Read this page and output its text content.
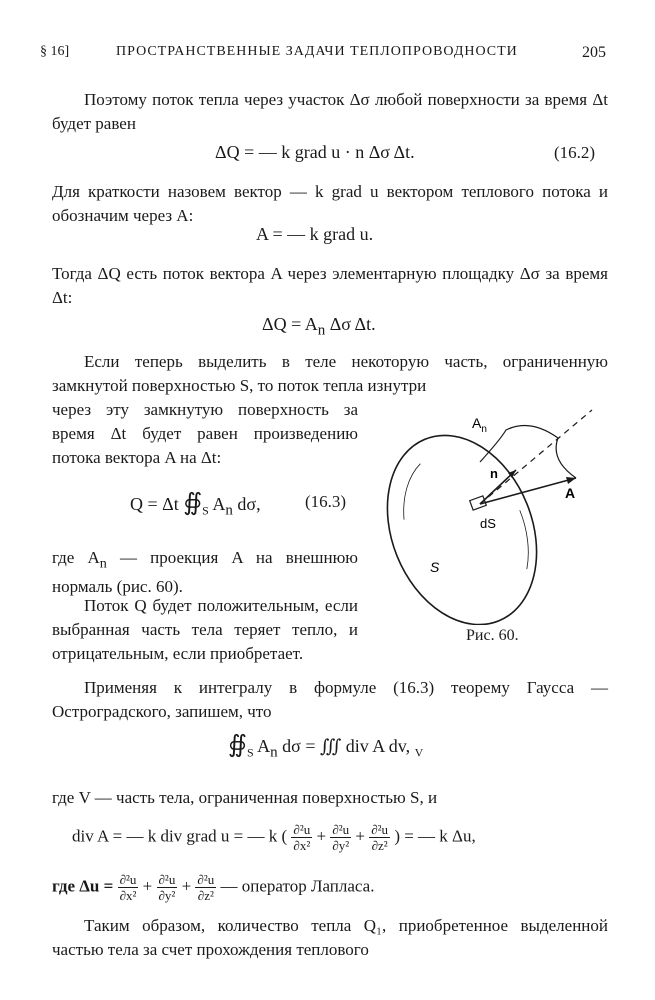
§ 16]	ПРОСТРАНСТВЕННЫЕ ЗАДАЧИ ТЕПЛОПРОВОДНОСТИ	205
Поэтому поток тепла через участок Δσ любой поверхности за время Δt будет равен
ΔQ = — k grad u · n Δσ Δt.	(16.2)
Для краткости назовем вектор — k grad u вектором теплового потока и обозначим через A:
A = — k grad u.
Тогда ΔQ есть поток вектора A через элементарную площадку Δσ за время Δt:
$\Delta Q = A_n$ Δσ Δt.
Если теперь выделить в теле некоторую часть, ограниченную замкнутой поверхностью S, то поток тепла изнутри
через эту замкнутую поверхность за время Δt будет равен произведению потока вектора A на Δt:
Q = Δt $∯_S$ $A_n$ dσ,	(16.3)
где $A_n$ — проекция A на внешнюю нормаль (рис. 60).
Поток Q будет положительным, если выбранная часть тела теряет тепло, и отрицательным, если приобретает.
$A_n$
n
A
dS
S
Рис. 60.
Применяя к интегралу в формуле (16.3) теорему Гаусса — Остроградского, запишем, что
$∯_S$ $A_n$ dσ = ∭ div A dv, $_V$
где V — часть тела, ограниченная поверхностью S, и
div A = — k div grad u = — k ( $\frac{\text{∂²u}}{\text{∂x²}} + \frac{\text{∂²u}}{\text{∂y²}} + \frac{\text{∂²u}}{\text{∂z²}}$ ) = — k Δu,
где $\Delta u = \frac{\text{∂²u}}{\text{∂x²}} + \frac{\text{∂²u}}{\text{∂y²}} + \frac{\text{∂²u}}{\text{∂z²}}$ — оператор Лапласа.
Таким образом, количество тепла Q₁, приобретенное выделенной частью тела за счет прохождения теплового
